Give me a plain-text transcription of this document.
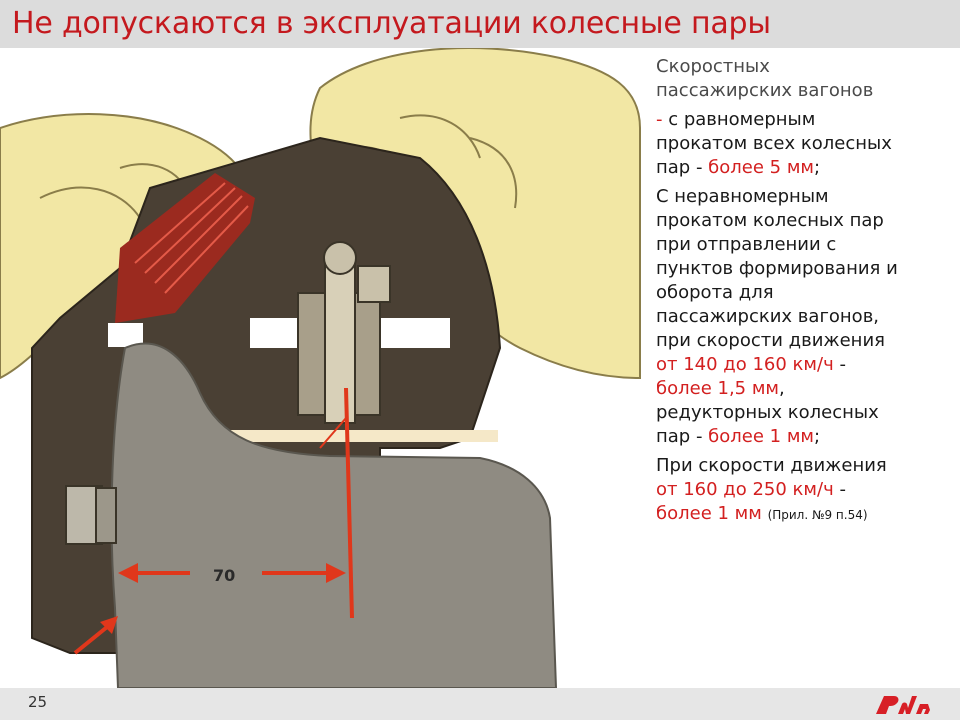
Не допускаются в эксплуатации колесные пары
70

Скоростных
пассажирских вагонов

- с равномерным
прокатом всех колесных
пар - более 5 мм;

С неравномерным
прокатом колесных пар
при отправлении с
пунктов формирования и
оборота для
пассажирских вагонов,
при скорости движения
от 140 до 160 км/ч -
более 1,5 мм,
редукторных колесных
пар - более 1 мм;

При скорости движения
от 160 до 250 км/ч -
более 1 мм (Прил. №9 п.54)

25
